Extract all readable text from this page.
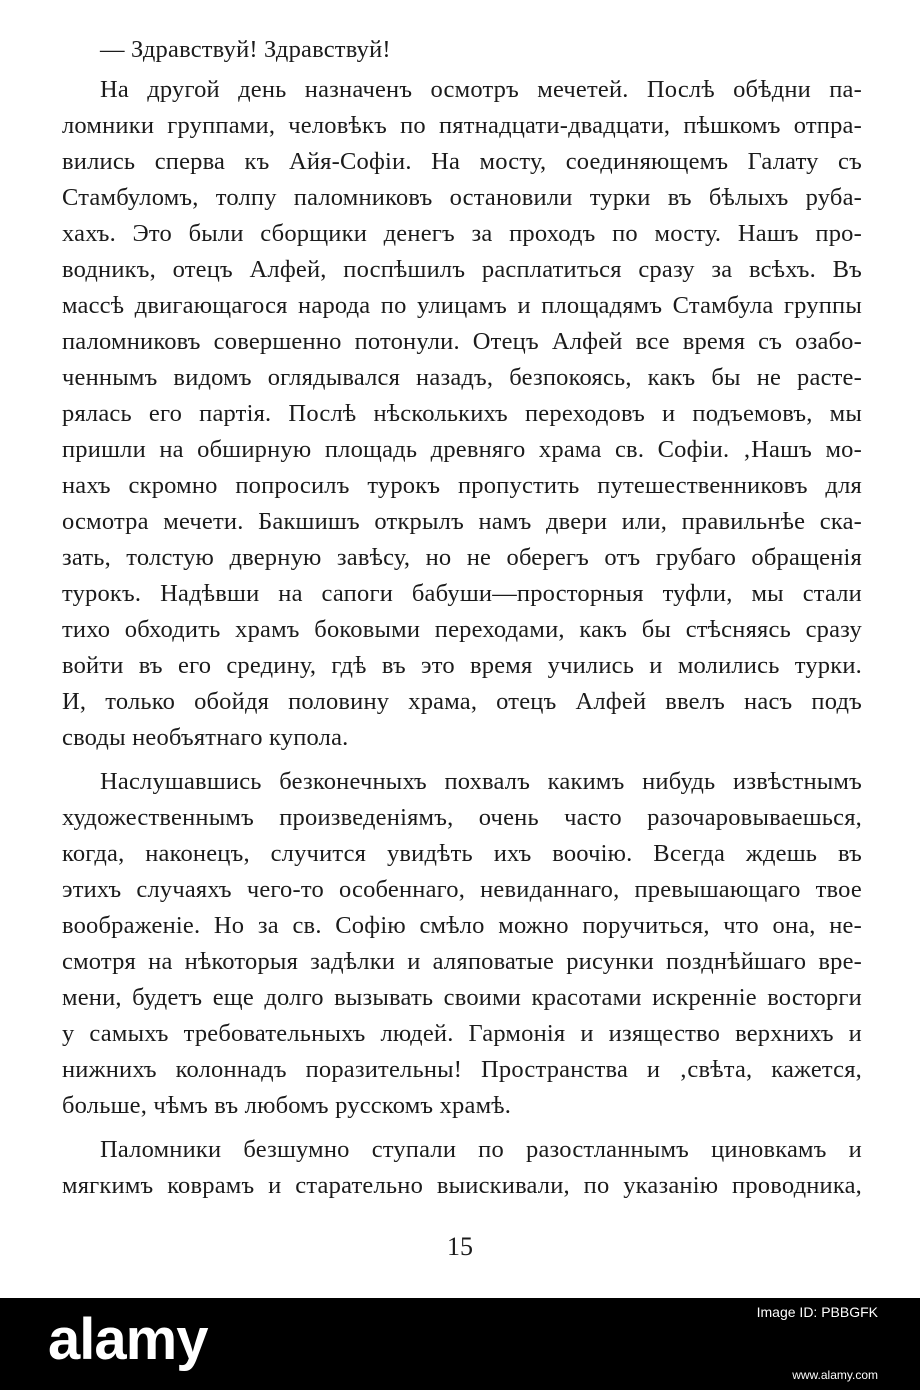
— Здравствуй! Здравствуй!
На другой день назначенъ осмотръ мечетей. Послѣ обѣдни па-
ломники группами, человѣкъ по пятнадцати-двадцати, пѣшкомъ отпра-
вились сперва къ Айя-Софiи. На мосту, соединяющемъ Галату съ
Стамбуломъ, толпу паломниковъ остановили турки въ бѣлыхъ руба-
хахъ. Это были сборщики денегъ за проходъ по мосту. Нашъ про-
водникъ, отецъ Алфей, поспѣшилъ расплатиться сразу за всѣхъ. Въ
массѣ двигающагося народа по улицамъ и площадямъ Стамбула группы
паломниковъ совершенно потонули. Отецъ Алфей все время съ озабо-
ченнымъ видомъ оглядывался назадъ, безпокоясь, какъ бы не расте-
рялась его партiя. Послѣ нѣсколькихъ переходовъ и подъемовъ, мы
пришли на обширную площадь древняго храма св. Софiи. ‚Нашъ мо-
нахъ скромно попросилъ турокъ пропустить путешественниковъ для
осмотра мечети. Бакшишъ открылъ намъ двери или, правильнѣе ска-
зать, толстую дверную завѣсу, но не оберегъ отъ грубаго обращенiя
турокъ. Надѣвши на сапоги бабуши—просторныя туфли, мы стали
тихо обходить храмъ боковыми переходами, какъ бы стѣсняясь сразу
войти въ его средину, гдѣ въ это время учились и молились турки.
И, только обойдя половину храма, отецъ Алфей ввелъ насъ подъ
своды необъятнаго купола.
Наслушавшись безконечныхъ похвалъ какимъ нибудь извѣстнымъ
художественнымъ произведенiямъ, очень часто разочаровываешься,
когда, наконецъ, случится увидѣть ихъ воочiю. Всегда ждешь въ
этихъ случаяхъ чего-то особеннаго, невиданнаго, превышающаго твое
воображенiе. Но за св. Софiю смѣло можно поручиться, что она, не-
смотря на нѣкоторыя задѣлки и аляповатые рисунки позднѣйшаго вре-
мени, будетъ еще долго вызывать своими красотами искреннiе восторги
у самыхъ требовательныхъ людей. Гармонiя и изящество верхнихъ и
нижнихъ колоннадъ поразительны! Пространства и ‚свѣта, кажется,
больше, чѣмъ въ любомъ русскомъ храмѣ.
Паломники безшумно ступали по разостланнымъ циновкамъ и
мягкимъ коврамъ и старательно выискивали, по указанiю проводника,
15
alamy	Image ID: PBBGFK
www.alamy.com
